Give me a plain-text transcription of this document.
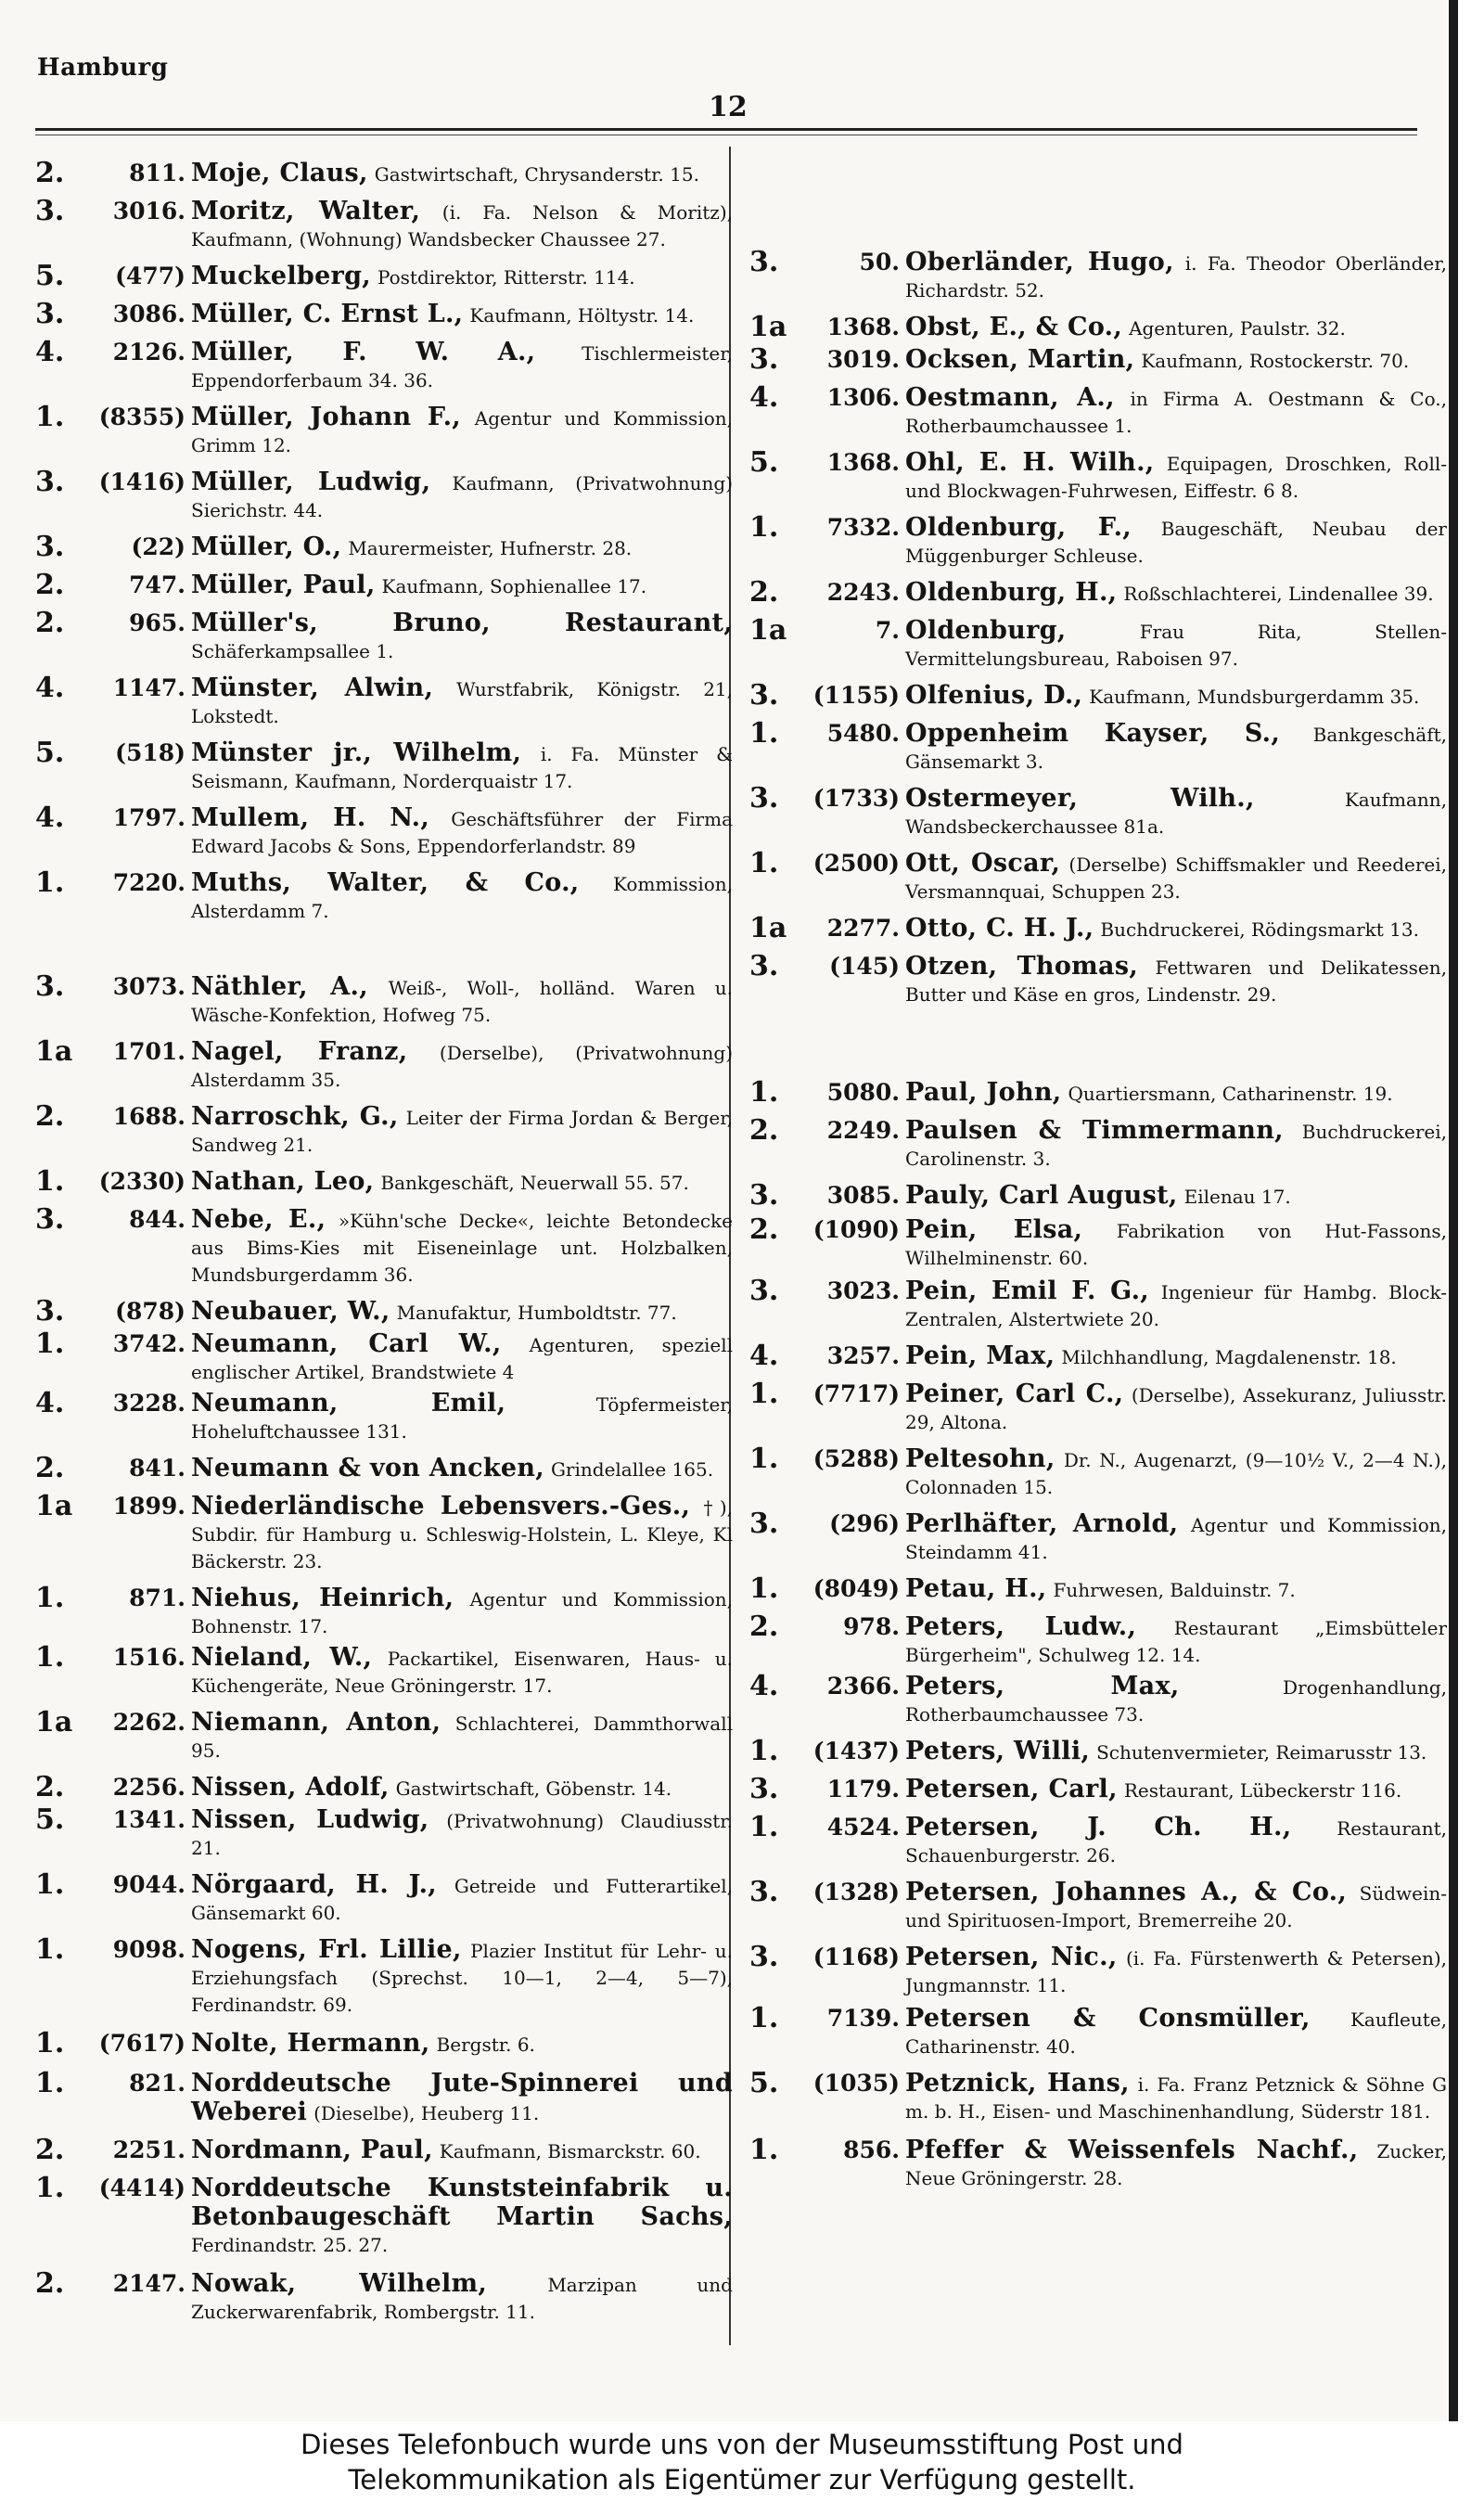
Hamburg
12
2.	811. Moje, Claus, Gastwirtschaft, Chrysanderstr. 15.
3. 3016. Moritz, Walter, (i. Fa. Nelson & Moritz), Kaufmann, (Wohnung) Wandsbecker Chaussee 27.
5. (477) Muckelberg, Postdirektor, Ritterstr. 114.
3. 3086. Müller, C. Ernst L., Kaufmann, Höltystr. 14.
4. 2126. Müller, F. W. A., Tischlermeister, Eppendorferbaum 34. 36.
1. (8355) Müller, Johann F., Agentur und Kommission, Grimm 12.
3. (1416) Müller, Ludwig, Kaufmann, (Privatwohnung) Sierichstr. 44.
3.	(22) Müller, O., Maurermeister, Hufnerstr. 28.
2.	747. Müller, Paul, Kaufmann, Sophienallee 17.
2.	965. Müller's, Bruno, Restaurant, Schäferkampsallee 1.
4. 1147. Münster, Alwin, Wurstfabrik, Königstr. 21, Lokstedt.
5. (518) Münster jr., Wilhelm, i. Fa. Münster & Seismann, Kaufmann, Norderquaistr 17.
4. 1797. Mullem, H. N., Geschäftsführer der Firma Edward Jacobs & Sons, Eppendorferlandstr. 89
1. 7220. Muths, Walter, & Co., Kommission, Alsterdamm 7.
3. 3073. Näthler, A., Weiß-, Woll-, holländ. Waren u. Wäsche-Konfektion, Hofweg 75.
1a 1701. Nagel, Franz, (Derselbe), (Privatwohnung) Alsterdamm 35.
2. 1688. Narroschk, G., Leiter der Firma Jordan & Berger, Sandweg 21.
1. (2330) Nathan, Leo, Bankgeschäft, Neuerwall 55. 57.
3.	844. Nebe, E., »Kühn'sche Decke«, leichte Betondecke aus Bims-Kies mit Eiseneinlage unt. Holzbalken, Mundsburgerdamm 36.
3. (878) Neubauer, W., Manufaktur, Humboldtstr. 77.
1. 3742. Neumann, Carl W., Agenturen, speziell englischer Artikel, Brandstwiete 4
4. 3228. Neumann, Emil,	Töpfermeister, Hoheluftchaussee 131.
2.	841. Neumann & von Ancken, Grindelallee 165.
1a 1899. Niederländische Lebensvers.-Ges., †), Subdir. für Hamburg u. Schleswig-Holstein, L. Kleye, Kl Bäckerstr. 23.
1.	871. Niehus, Heinrich, Agentur und Kommission, Bohnenstr. 17.
1. 1516. Nieland, W., Packartikel, Eisenwaren, Haus- u. Küchengeräte, Neue Gröningerstr. 17.
1a 2262. Niemann, Anton, Schlachterei, Dammthorwall 95.
2. 2256. Nissen, Adolf, Gastwirtschaft, Göbenstr. 14.
5. 1341. Nissen, Ludwig, (Privatwohnung) Claudiusstr. 21.
1. 9044. Nörgaard, H. J., Getreide und Futterartikel, Gänsemarkt 60.
1. 9098. Nogens, Frl. Lillie, Plazier Institut für Lehr- u. Erziehungsfach (Sprechst. 10—1, 2—4, 5—7), Ferdinandstr. 69.
1. (7617) Nolte, Hermann, Bergstr. 6.
1.	821. Norddeutsche Jute-Spinnerei und Weberei (Dieselbe), Heuberg 11.
2. 2251. Nordmann, Paul, Kaufmann, Bismarckstr. 60.
1. (4414) Norddeutsche Kunststeinfabrik u. Betonbaugeschäft Martin Sachs, Ferdinandstr. 25. 27.
2. 2147. Nowak, Wilhelm,	Marzipan und Zuckerwarenfabrik, Rombergstr. 11.
3.	50. Oberländer, Hugo, i. Fa. Theodor Oberländer, Richardstr. 52.
1a 1368. Obst, E., & Co., Agenturen, Paulstr. 32.
3. 3019. Ocksen, Martin, Kaufmann, Rostockerstr. 70.
4. 1306. Oestmann, A., in Firma A. Oestmann & Co., Rotherbaumchaussee 1.
5. 1368. Ohl, E. H. Wilh., Equipagen, Droschken, Roll- und Blockwagen-Fuhrwesen, Eiffestr. 6 8.
1. 7332. Oldenburg, F., Baugeschäft, Neubau der Müggenburger Schleuse.
2. 2243. Oldenburg, H., Roßschlachterei, Lindenallee 39.
1a	7. Oldenburg,	Frau Rita, Stellen-Vermittelungsbureau, Raboisen 97.
3. (1155) Olfenius, D., Kaufmann, Mundsburgerdamm 35.
1. 5480. Oppenheim Kayser, S., Bankgeschäft, Gänsemarkt 3.
3. (1733) Ostermeyer, Wilh.,	Kaufmann, Wandsbeckerchaussee 81a.
1. (2500) Ott, Oscar, (Derselbe) Schiffsmakler und Reederei, Versmannquai, Schuppen 23.
1a 2277. Otto, C. H. J., Buchdruckerei, Rödingsmarkt 13.
3. (145) Otzen, Thomas, Fettwaren und Delikatessen, Butter und Käse en gros, Lindenstr. 29.
1. 5080. Paul, John, Quartiersmann, Catharinenstr. 19.
2. 2249. Paulsen & Timmermann, Buchdruckerei, Carolinenstr. 3.
3. 3085. Pauly, Carl August, Eilenau 17.
2. (1090) Pein, Elsa, Fabrikation von Hut-Fassons, Wilhelminenstr. 60.
3. 3023. Pein, Emil F. G., Ingenieur für Hambg. Block-Zentralen, Alstertwiete 20.
4. 3257. Pein, Max, Milchhandlung, Magdalenenstr. 18.
1. (7717) Peiner, Carl C., (Derselbe), Assekuranz, Juliusstr. 29, Altona.
1. (5288) Peltesohn, Dr. N., Augenarzt, (9—10½ V., 2—4 N.), Colonnaden 15.
3. (296) Perlhäfter, Arnold, Agentur und Kommission, Steindamm 41.
1. (8049) Petau, H., Fuhrwesen, Balduinstr. 7.
2.	978. Peters, Ludw., Restaurant „Eimsbütteler Bürgerheim", Schulweg 12. 14.
4. 2366. Peters, Max,	Drogenhandlung, Rotherbaumchaussee 73.
1. (1437) Peters, Willi, Schutenvermieter, Reimarusstr 13.
3. 1179. Petersen, Carl, Restaurant, Lübeckerstr 116.
1. 4524. Petersen, J. Ch. H., Restaurant, Schauenburgerstr. 26.
3. (1328) Petersen, Johannes A., & Co., Südwein- und Spirituosen-Import, Bremerreihe 20.
3. (1168) Petersen, Nic., (i. Fa. Fürstenwerth & Petersen), Jungmannstr. 11.
1. 7139. Petersen & Consmüller, Kaufleute, Catharinenstr. 40.
5. (1035) Petznick, Hans, i. Fa. Franz Petznick & Söhne G m. b. H., Eisen- und Maschinenhandlung, Süderstr 181.
1.	856. Pfeffer & Weissenfels Nachf., Zucker, Neue Gröningerstr. 28.
Dieses Telefonbuch wurde uns von der Museumsstiftung Post und
Telekommunikation als Eigentümer zur Verfügung gestellt.
